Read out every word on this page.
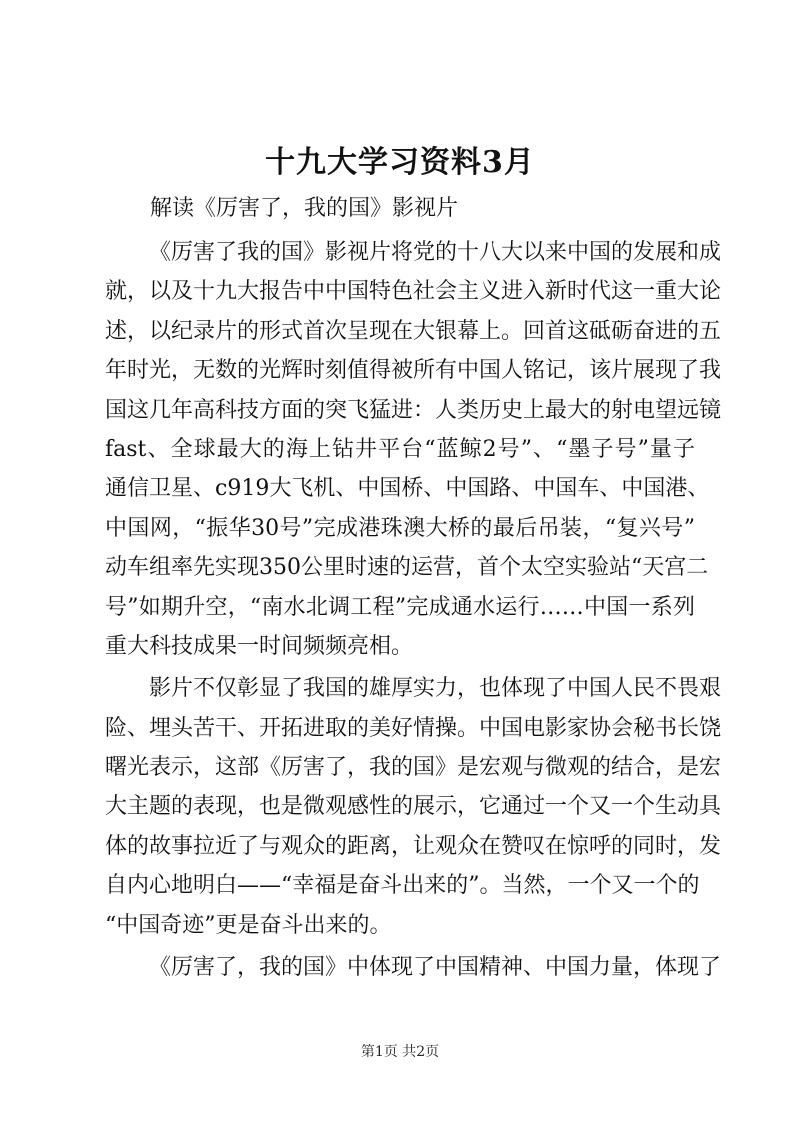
十九大学习资料3月

解读《厉害了，我的国》影视片

《厉害了我的国》影视片将党的十八大以来中国的发展和成
就，以及十九大报告中中国特色社会主义进入新时代这一重大论
述，以纪录片的形式首次呈现在大银幕上。回首这砥砺奋进的五
年时光，无数的光辉时刻值得被所有中国人铭记，该片展现了我
国这几年高科技方面的突飞猛进：人类历史上最大的射电望远镜
fast、全球最大的海上钻井平台“蓝鲸2号”、“墨子号”量子
通信卫星、c919大飞机、中国桥、中国路、中国车、中国港、
中国网，“振华30号”完成港珠澳大桥的最后吊装，“复兴号”
动车组率先实现350公里时速的运营，首个太空实验站“天宫二
号”如期升空，“南水北调工程”完成通水运行……中国一系列
重大科技成果一时间频频亮相。
影片不仅彰显了我国的雄厚实力，也体现了中国人民不畏艰
险、埋头苦干、开拓进取的美好情操。中国电影家协会秘书长饶
曙光表示，这部《厉害了，我的国》是宏观与微观的结合，是宏
大主题的表现，也是微观感性的展示，它通过一个又一个生动具
体的故事拉近了与观众的距离，让观众在赞叹在惊呼的同时，发
自内心地明白——“幸福是奋斗出来的”。当然，一个又一个的
“中国奇迹”更是奋斗出来的。
《厉害了，我的国》中体现了中国精神、中国力量，体现了
第1页 共2页
